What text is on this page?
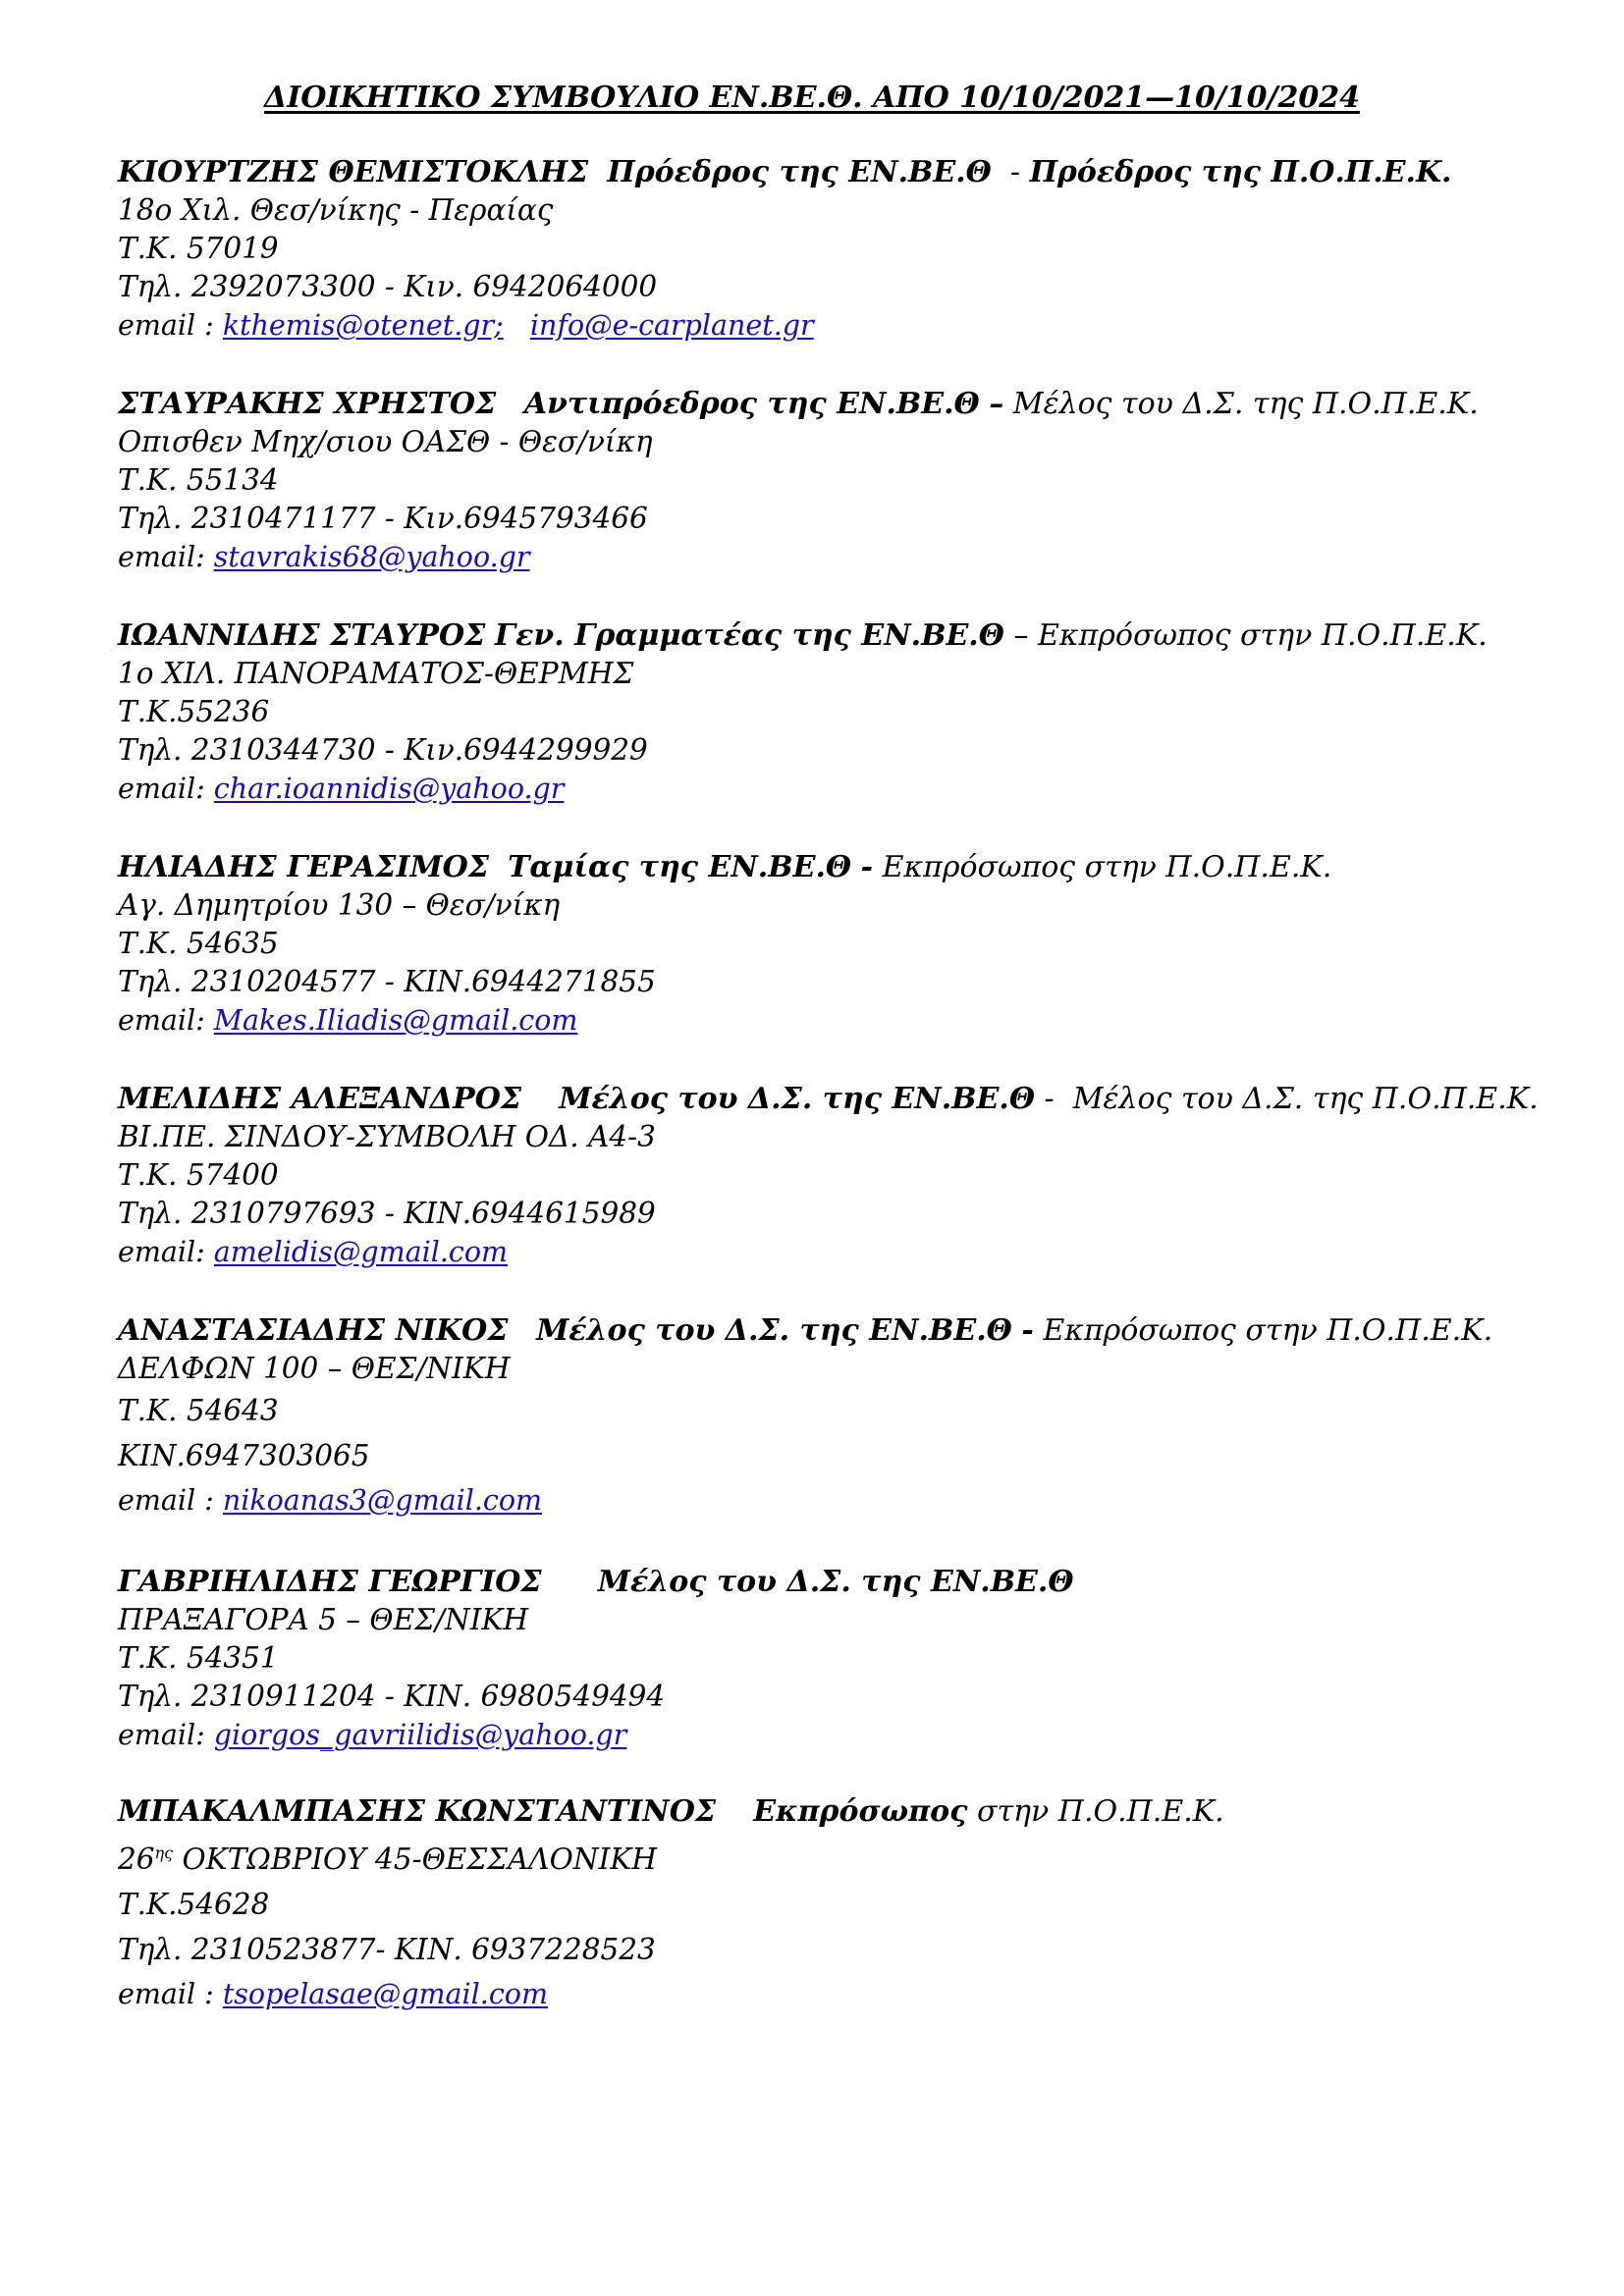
ΔΙΟΙΚΗΤΙΚΟ ΣΥΜΒΟΥΛΙΟ ΕΝ.ΒΕ.Θ. ΑΠΟ 10/10/2021—10/10/2024
ΚΙΟΥΡΤΖΗΣ ΘΕΜΙΣΤΟΚΛΗΣ Πρόεδρος της ΕΝ.ΒΕ.Θ - Πρόεδρος της Π.Ο.Π.Ε.Κ.
18ο Χιλ. Θεσ/νίκης - Περαίας
Τ.Κ. 57019
Τηλ. 2392073300 - Κιν. 6942064000
email : kthemis@otenet.gr; info@e-carplanet.gr
ΣΤΑΥΡΑΚΗΣ ΧΡΗΣΤΟΣ Αντιπρόεδρος της ΕΝ.ΒΕ.Θ – Μέλος του Δ.Σ. της Π.Ο.Π.Ε.Κ.
Οπισθεν Μηχ/σιου ΟΑΣΘ - Θεσ/νίκη
Τ.Κ. 55134
Τηλ. 2310471177 - Κιν.6945793466
email: stavrakis68@yahoo.gr
ΙΩΑΝΝΙΔΗΣ ΣΤΑΥΡΟΣ Γεν. Γραμματέας της ΕΝ.ΒΕ.Θ – Εκπρόσωπος στην Π.Ο.Π.Ε.Κ.
1ο ΧΙΛ. ΠΑΝΟΡΑΜΑΤΟΣ-ΘΕΡΜΗΣ
Τ.Κ.55236
Τηλ. 2310344730 - Κιν.6944299929
email: char.ioannidis@yahoo.gr
ΗΛΙΑΔΗΣ ΓΕΡΑΣΙΜΟΣ Ταμίας της ΕΝ.ΒΕ.Θ - Εκπρόσωπος στην Π.Ο.Π.Ε.Κ.
Αγ. Δημητρίου 130 – Θεσ/νίκη
Τ.Κ. 54635
Τηλ. 2310204577 - ΚΙΝ.6944271855
email: Makes.Iliadis@gmail.com
ΜΕΛΙΔΗΣ ΑΛΕΞΑΝΔΡΟΣ Μέλος του Δ.Σ. της ΕΝ.ΒΕ.Θ - Μέλος του Δ.Σ. της Π.Ο.Π.Ε.Κ.
ΒΙ.ΠΕ. ΣΙΝΔΟΥ-ΣΥΜΒΟΛΗ ΟΔ. Α4-3
Τ.Κ. 57400
Τηλ. 2310797693 - ΚΙΝ.6944615989
email: amelidis@gmail.com
ΑΝΑΣΤΑΣΙΑΔΗΣ ΝΙΚΟΣ Μέλος του Δ.Σ. της ΕΝ.ΒΕ.Θ - Εκπρόσωπος στην Π.Ο.Π.Ε.Κ.
ΔΕΛΦΩΝ 100 – ΘΕΣ/ΝΙΚΗ
Τ.Κ. 54643
ΚΙΝ.6947303065
email : nikoanas3@gmail.com
ΓΑΒΡΙΗΛΙΔΗΣ ΓΕΩΡΓΙΟΣ Μέλος του Δ.Σ. της ΕΝ.ΒΕ.Θ
ΠΡΑΞΑΓΟΡΑ 5 – ΘΕΣ/ΝΙΚΗ
Τ.Κ. 54351
Τηλ. 2310911204 - ΚΙΝ. 6980549494
email: giorgos_gavriilidis@yahoo.gr
ΜΠΑΚΑΛΜΠΑΣΗΣ ΚΩΝΣΤΑΝΤΙΝΟΣ Εκπρόσωπος στην Π.Ο.Π.Ε.Κ.
$26^{\eta\varsigma}$ ΟΚΤΩΒΡΙΟΥ 45-ΘΕΣΣΑΛΟΝΙΚΗ
Τ.Κ.54628
Τηλ. 2310523877- ΚΙΝ. 6937228523
email : tsopelasae@gmail.com
